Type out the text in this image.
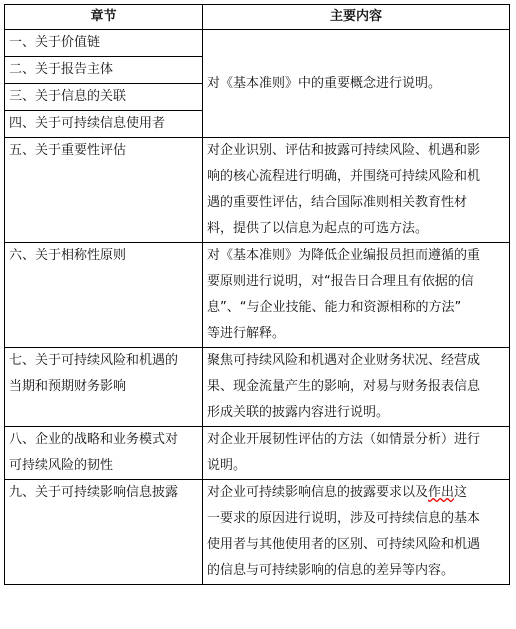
章节	主要内容
一、关于价值链	对《基本准则》中的重要概念进行说明。
二、关于报告主体	
三、关于信息的关联	
四、关于可持续信息使用者	
五、关于重要性评估	对企业识别、评估和披露可持续风险、机遇和影
响的核心流程进行明确，并围绕可持续风险和机
遇的重要性评估，结合国际准则相关教育性材
料，提供了以信息为起点的可选方法。
六、关于相称性原则	对《基本准则》为降低企业编报员担而遵循的重
要原则进行说明，对“报告日合理且有依据的信
息”、“与企业技能、能力和资源相称的方法”
等进行解释。
七、关于可持续风险和机遇的
当期和预期财务影响	聚焦可持续风险和机遇对企业财务状况、经营成
果、现金流量产生的影响，对易与财务报表信息
形成关联的披露内容进行说明。
八、企业的战略和业务模式对
可持续风险的韧性	对企业开展韧性评估的方法（如情景分析）进行
说明。
九、关于可持续影响信息披露	对企业可持续影响信息的披露要求以及作出这
一要求的原因进行说明，涉及可持续信息的基本
使用者与其他使用者的区别、可持续风险和机遇
的信息与可持续影响的信息的差异等内容。
